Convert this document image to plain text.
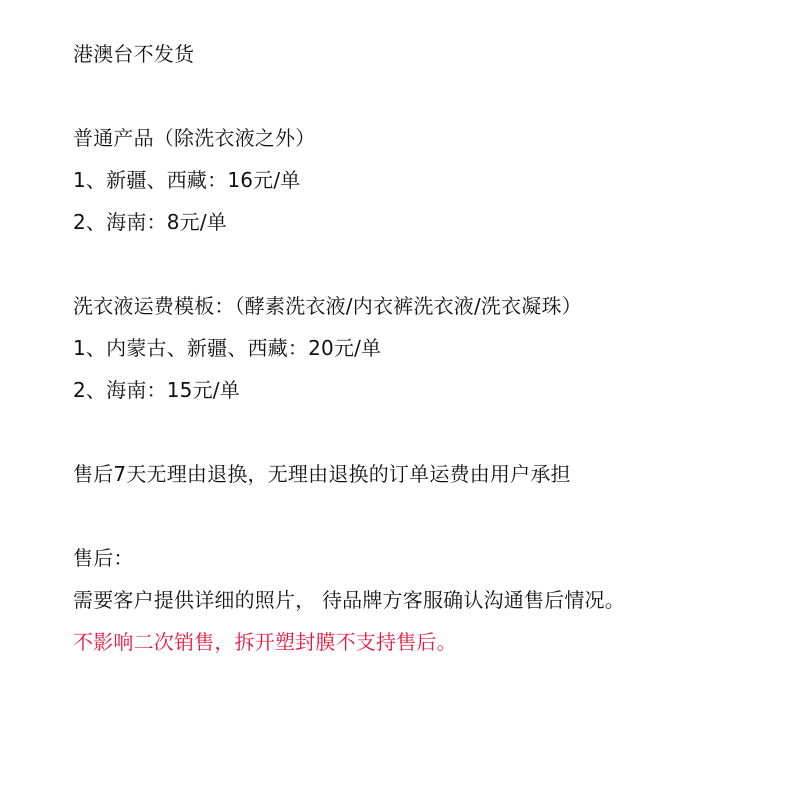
港澳台不发货
普通产品（除洗衣液之外）
1、新疆、西藏：16元/单
2、海南：8元/单
洗衣液运费模板：（酵素洗衣液/内衣裤洗衣液/洗衣凝珠）
1、内蒙古、新疆、西藏：20元/单
2、海南：15元/单
售后7天无理由退换，无理由退换的订单运费由用户承担
售后：
需要客户提供详细的照片， 待品牌方客服确认沟通售后情况。
不影响二次销售，拆开塑封膜不支持售后。
